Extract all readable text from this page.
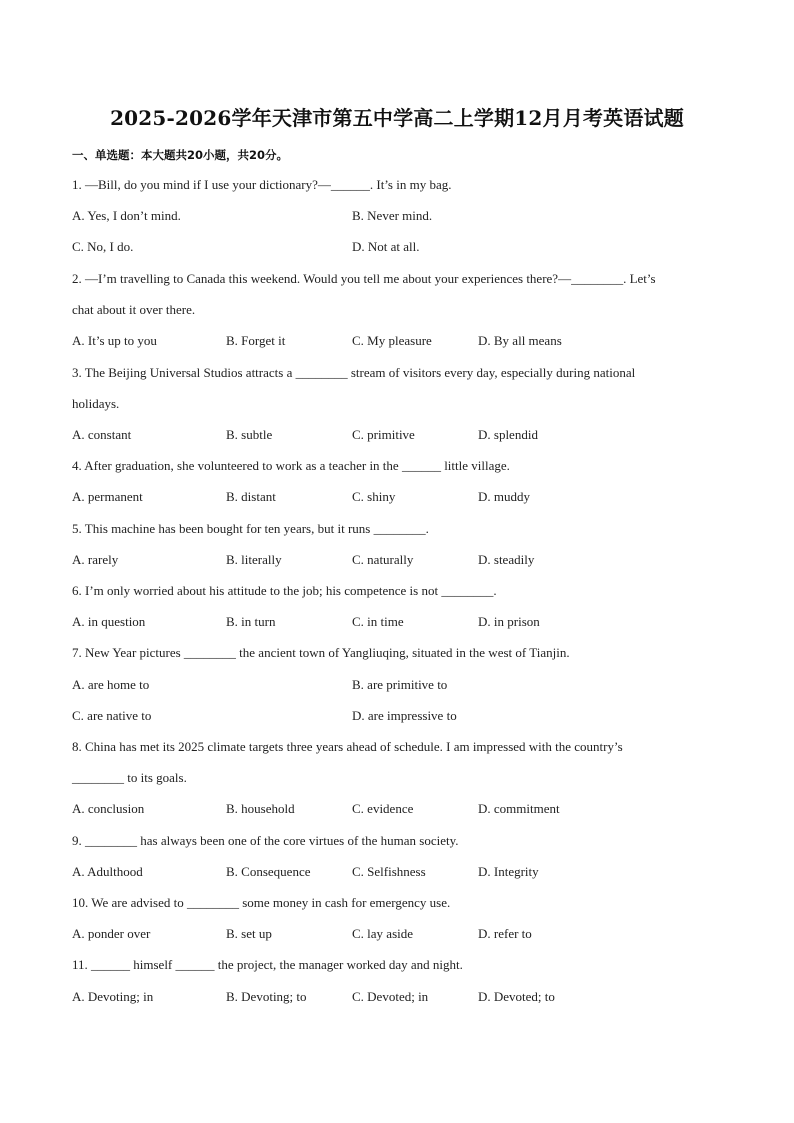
2025-2026学年天津市第五中学高二上学期12月月考英语试题
一、单选题：本大题共20小题，共20分。
1. —Bill, do you mind if I use your dictionary?—______. It’s in my bag.
A. Yes, I don’t mind.	B. Never mind.
C. No, I do.	D. Not at all.
2. —I’m travelling to Canada this weekend. Would you tell me about your experiences there?—________. Let’s
chat about it over there.
A. It’s up to you	B. Forget it	C. My pleasure	D. By all means
3. The Beijing Universal Studios attracts a ________ stream of visitors every day, especially during national
holidays.
A. constant	B. subtle	C. primitive	D. splendid
4. After graduation, she volunteered to work as a teacher in the ______ little village.
A. permanent	B. distant	C. shiny	D. muddy
5. This machine has been bought for ten years, but it runs ________.
A. rarely	B. literally	C. naturally	D. steadily
6. I’m only worried about his attitude to the job; his competence is not ________.
A. in question	B. in turn	C. in time	D. in prison
7. New Year pictures ________ the ancient town of Yangliuqing, situated in the west of Tianjin.
A. are home to	B. are primitive to
C. are native to	D. are impressive to
8. China has met its 2025 climate targets three years ahead of schedule. I am impressed with the country’s
________ to its goals.
A. conclusion	B. household	C. evidence	D. commitment
9. ________ has always been one of the core virtues of the human society.
A. Adulthood	B. Consequence	C. Selfishness	D. Integrity
10. We are advised to ________ some money in cash for emergency use.
A. ponder over	B. set up	C. lay aside	D. refer to
11. ______ himself ______ the project, the manager worked day and night.
A. Devoting; in	B. Devoting; to	C. Devoted; in	D. Devoted; to
